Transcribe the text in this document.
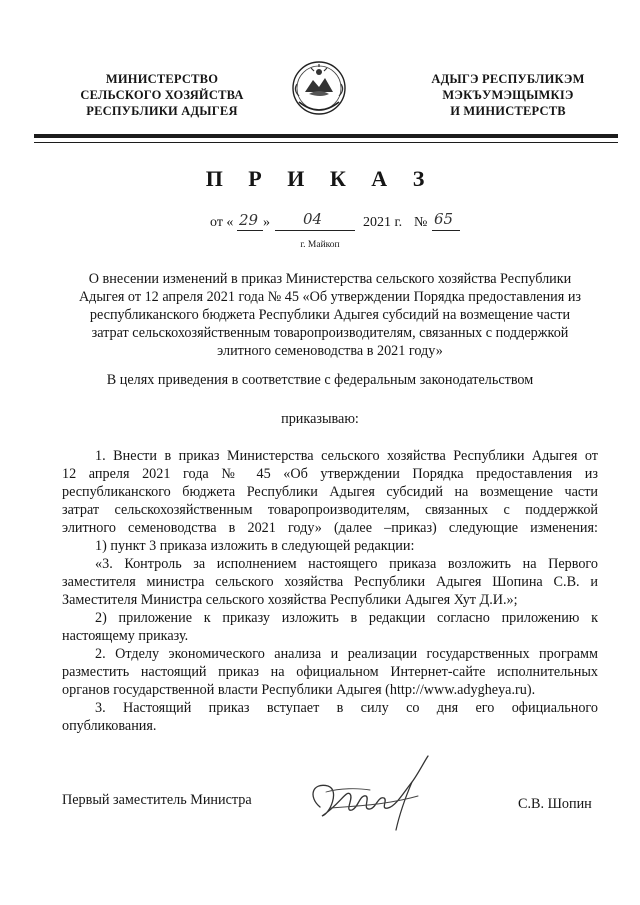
МИНИСТЕРСТВО
СЕЛЬСКОГО ХОЗЯЙСТВА
РЕСПУБЛИКИ АДЫГЕЯ
АДЫГЭ РЕСПУБЛИКЭМ
МЭКЪУМЭЩЫМКIЭ
И МИНИСТЕРСТВ
П Р И К А З
от « 29 » 04	2021 г. № 65
г. Майкоп
О внесении изменений в приказ Министерства сельского хозяйства Республики
Адыгея от 12 апреля 2021 года № 45 «Об утверждении Порядка предоставления из
республиканского бюджета Республики Адыгея субсидий на возмещение части
затрат сельскохозяйственным товаропроизводителям, связанных с поддержкой
элитного семеноводства в 2021 году»
В целях приведения в соответствие с федеральным законодательством
приказываю:
1. Внести в приказ Министерства сельского хозяйства Республики Адыгея от
12 апреля 2021 года № 45 «Об утверждении Порядка предоставления из
республиканского бюджета Республики Адыгея субсидий на возмещение части
затрат сельскохозяйственным товаропроизводителям, связанных с поддержкой
элитного семеноводства в 2021 году» (далее –приказ) следующие изменения:
1) пункт 3 приказа изложить в следующей редакции:
«3. Контроль за исполнением настоящего приказа возложить на Первого
заместителя министра сельского хозяйства Республики Адыгея Шопина С.В. и
Заместителя Министра сельского хозяйства Республики Адыгея Хут Д.И.»;
2) приложение к приказу изложить в редакции согласно приложению к
настоящему приказу.
2. Отделу экономического анализа и реализации государственных программ
разместить настоящий приказ на официальном Интернет-сайте исполнительных
органов государственной власти Республики Адыгея (http://www.adygheya.ru).
3. Настоящий приказ вступает в силу со дня его официального
опубликования.
Первый заместитель Министра	С.В. Шопин
